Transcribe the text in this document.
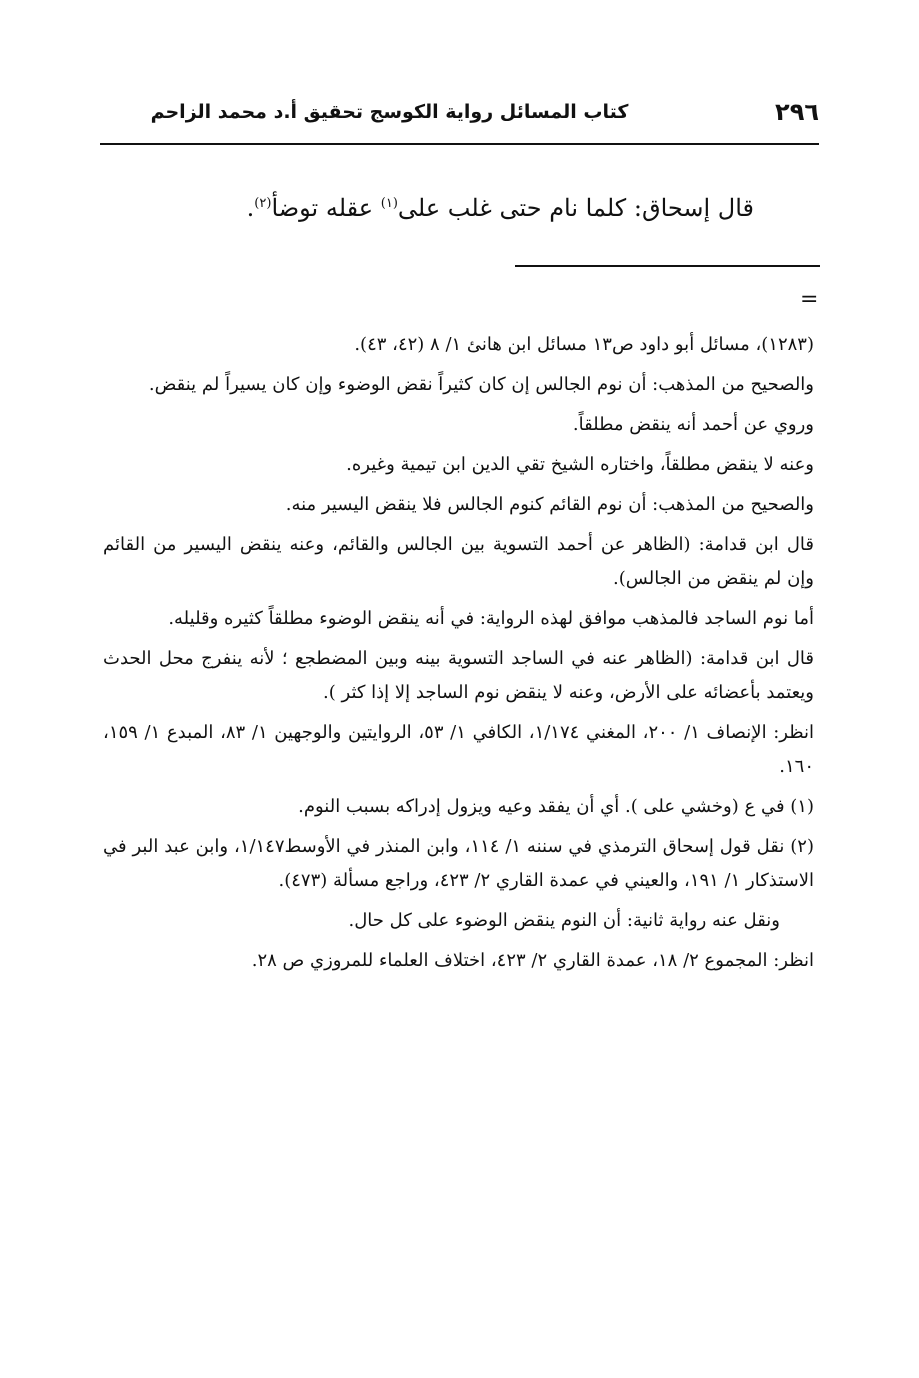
٢٩٦
كتاب المسائل رواية الكوسج تحقيق أ.د محمد الزاحم
قال إسحاق: كلما نام حتى غلب على$^{(١)}$ عقله توضأ$^{(٢)}$.
=

(١٢٨٣)، مسائل أبو داود ص١٣ مسائل ابن هانئ ١/ ٨ (٤٢، ٤٣).

والصحيح من المذهب: أن نوم الجالس إن كان كثيراً نقض الوضوء وإن كان يسيراً لم ينقض.

وروي عن أحمد أنه ينقض مطلقاً.

وعنه لا ينقض مطلقاً، واختاره الشيخ تقي الدين ابن تيمية وغيره.

والصحيح من المذهب: أن نوم القائم كنوم الجالس فلا ينقض اليسير منه.

قال ابن قدامة: (الظاهر عن أحمد التسوية بين الجالس والقائم، وعنه ينقض اليسير من القائم وإن لم ينقض من الجالس).

أما نوم الساجد فالمذهب موافق لهذه الرواية: في أنه ينقض الوضوء مطلقاً كثيره وقليله.

قال ابن قدامة: (الظاهر عنه في الساجد التسوية بينه وبين المضطجع ؛ لأنه ينفرج محل الحدث ويعتمد بأعضائه على الأرض، وعنه لا ينقض نوم الساجد إلا إذا كثر ).

انظر: الإنصاف ١/ ٢٠٠، المغني ١/١٧٤، الكافي ١/ ٥٣، الروايتين والوجهين ١/ ٨٣، المبدع ١/ ١٥٩، ١٦٠.

(١) في ع (وخشي على ). أي أن يفقد وعيه ويزول إدراكه بسبب النوم.

(٢) نقل قول إسحاق الترمذي في سننه ١/ ١١٤، وابن المنذر في الأوسط١/١٤٧، وابن عبد البر في الاستذكار ١/ ١٩١، والعيني في عمدة القاري ٢/ ٤٢٣، وراجع مسألة (٤٧٣).

ونقل عنه رواية ثانية: أن النوم ينقض الوضوء على كل حال.

انظر: المجموع ٢/ ١٨، عمدة القاري ٢/ ٤٢٣، اختلاف العلماء للمروزي ص ٢٨.
